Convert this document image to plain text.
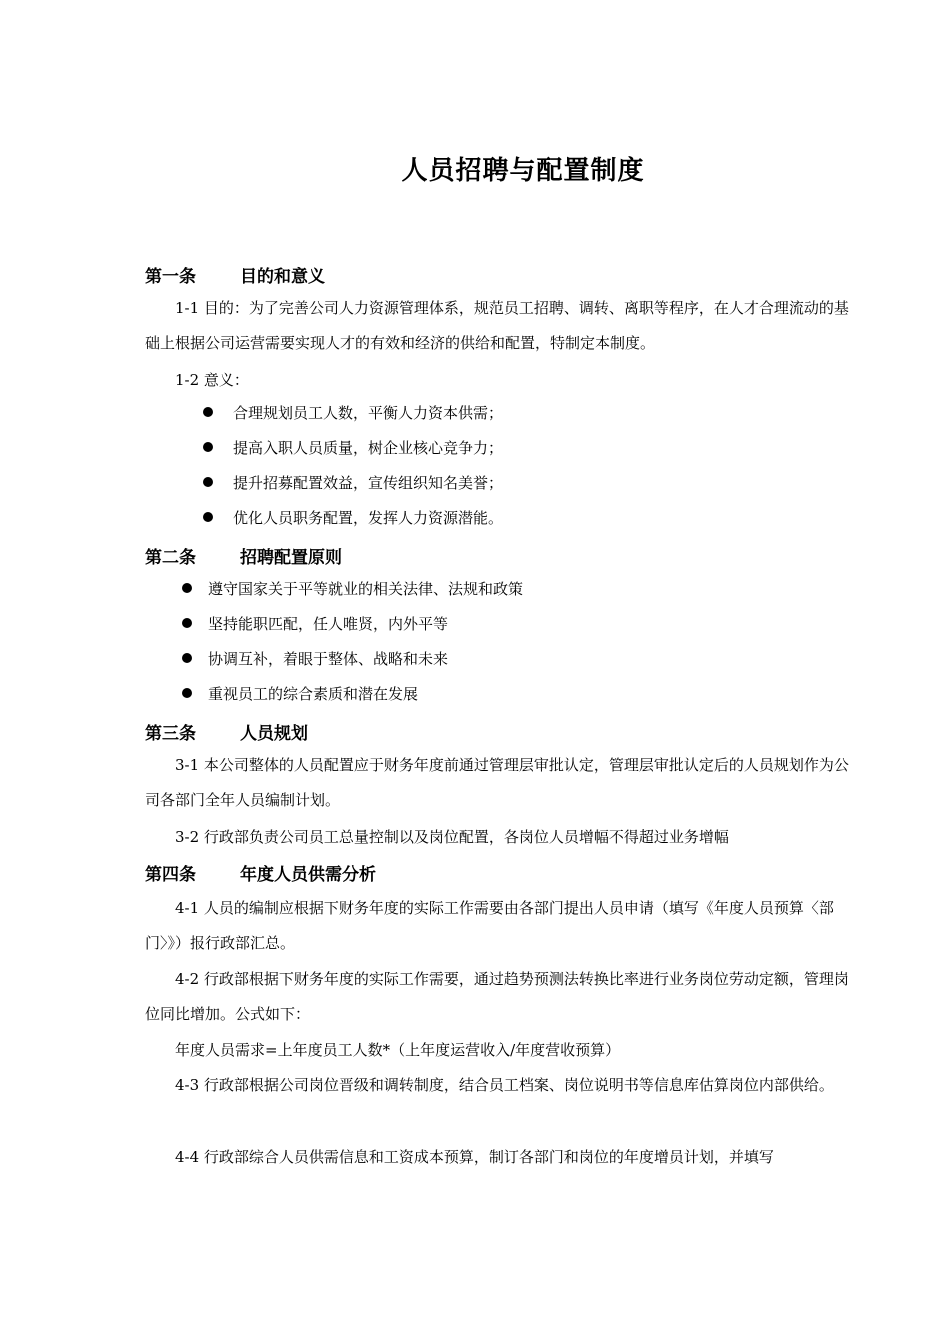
人员招聘与配置制度
第一条	目的和意义
1-1 目的：为了完善公司人力资源管理体系，规范员工招聘、调转、离职等程序，在人才合理流动的基础上根据公司运营需要实现人才的有效和经济的供给和配置，特制定本制度。
1-2 意义：
合理规划员工人数，平衡人力资本供需；
提高入职人员质量，树企业核心竞争力；
提升招募配置效益，宣传组织知名美誉；
优化人员职务配置，发挥人力资源潜能。
第二条	招聘配置原则
遵守国家关于平等就业的相关法律、法规和政策
坚持能职匹配，任人唯贤，内外平等
协调互补，着眼于整体、战略和未来
重视员工的综合素质和潜在发展
第三条	人员规划
3-1 本公司整体的人员配置应于财务年度前通过管理层审批认定，管理层审批认定后的人员规划作为公司各部门全年人员编制计划。
3-2 行政部负责公司员工总量控制以及岗位配置，各岗位人员增幅不得超过业务增幅
第四条	年度人员供需分析
4-1 人员的编制应根据下财务年度的实际工作需要由各部门提出人员申请（填写《年度人员预算〈部门〉》）报行政部汇总。
4-2 行政部根据下财务年度的实际工作需要，通过趋势预测法转换比率进行业务岗位劳动定额，管理岗位同比增加。公式如下：
年度人员需求=上年度员工人数*（上年度运营收入/年度营收预算）
4-3 行政部根据公司岗位晋级和调转制度，结合员工档案、岗位说明书等信息库估算岗位内部供给。
4-4 行政部综合人员供需信息和工资成本预算，制订各部门和岗位的年度增员计划，并填写
